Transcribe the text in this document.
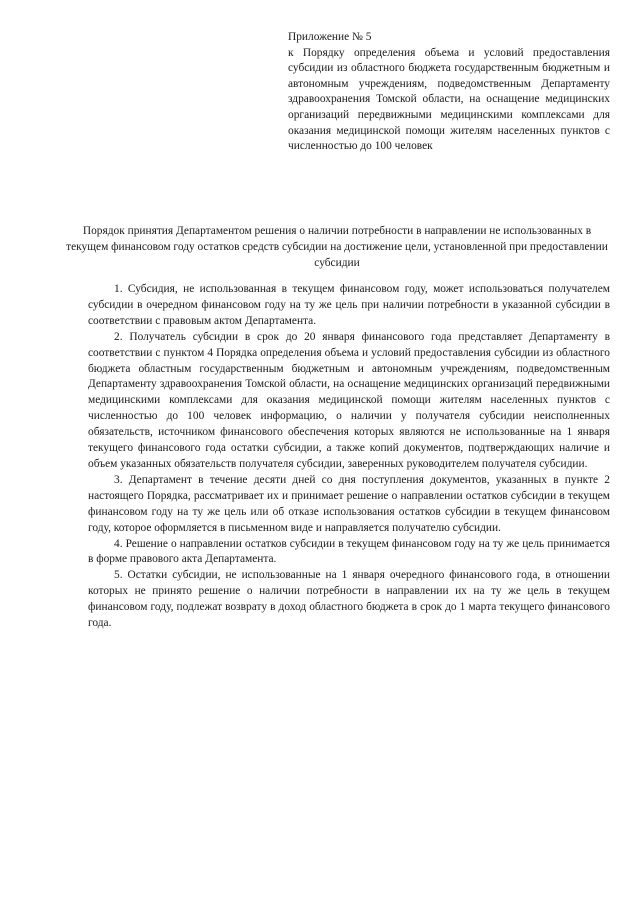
Приложение № 5

к Порядку определения объема и условий предоставления субсидии из областного бюджета государственным бюджетным и автономным учреждениям, подведомственным Департаменту здравоохранения Томской области, на оснащение медицинских организаций передвижными медицинскими комплексами для оказания медицинской помощи жителям населенных пунктов с численностью до 100 человек

Порядок принятия Департаментом решения о наличии потребности в направлении не использованных в текущем финансовом году остатков средств субсидии на достижение цели, установленной при предоставлении субсидии

1. Субсидия, не использованная в текущем финансовом году, может использоваться получателем субсидии в очередном финансовом году на ту же цель при наличии потребности в указанной субсидии в соответствии с правовым актом Департамента.

2. Получатель субсидии в срок до 20 января финансового года представляет Департаменту в соответствии с пунктом 4 Порядка определения объема и условий предоставления субсидии из областного бюджета областным государственным бюджетным и автономным учреждениям, подведомственным Департаменту здравоохранения Томской области, на оснащение медицинских организаций передвижными медицинскими комплексами для оказания медицинской помощи жителям населенных пунктов с численностью до 100 человек информацию, о наличии у получателя субсидии неисполненных обязательств, источником финансового обеспечения которых являются не использованные на 1 января текущего финансового года остатки субсидии, а также копий документов, подтверждающих наличие и объем указанных обязательств получателя субсидии, заверенных руководителем получателя субсидии.

3. Департамент в течение десяти дней со дня поступления документов, указанных в пункте 2 настоящего Порядка, рассматривает их и принимает решение о направлении остатков субсидии в текущем финансовом году на ту же цель или об отказе использования остатков субсидии в текущем финансовом году, которое оформляется в письменном виде и направляется получателю субсидии.

4. Решение о направлении остатков субсидии в текущем финансовом году на ту же цель принимается в форме правового акта Департамента.

5. Остатки субсидии, не использованные на 1 января очередного финансового года, в отношении которых не принято решение о наличии потребности в направлении их на ту же цель в текущем финансовом году, подлежат возврату в доход областного бюджета в срок до 1 марта текущего финансового года.
